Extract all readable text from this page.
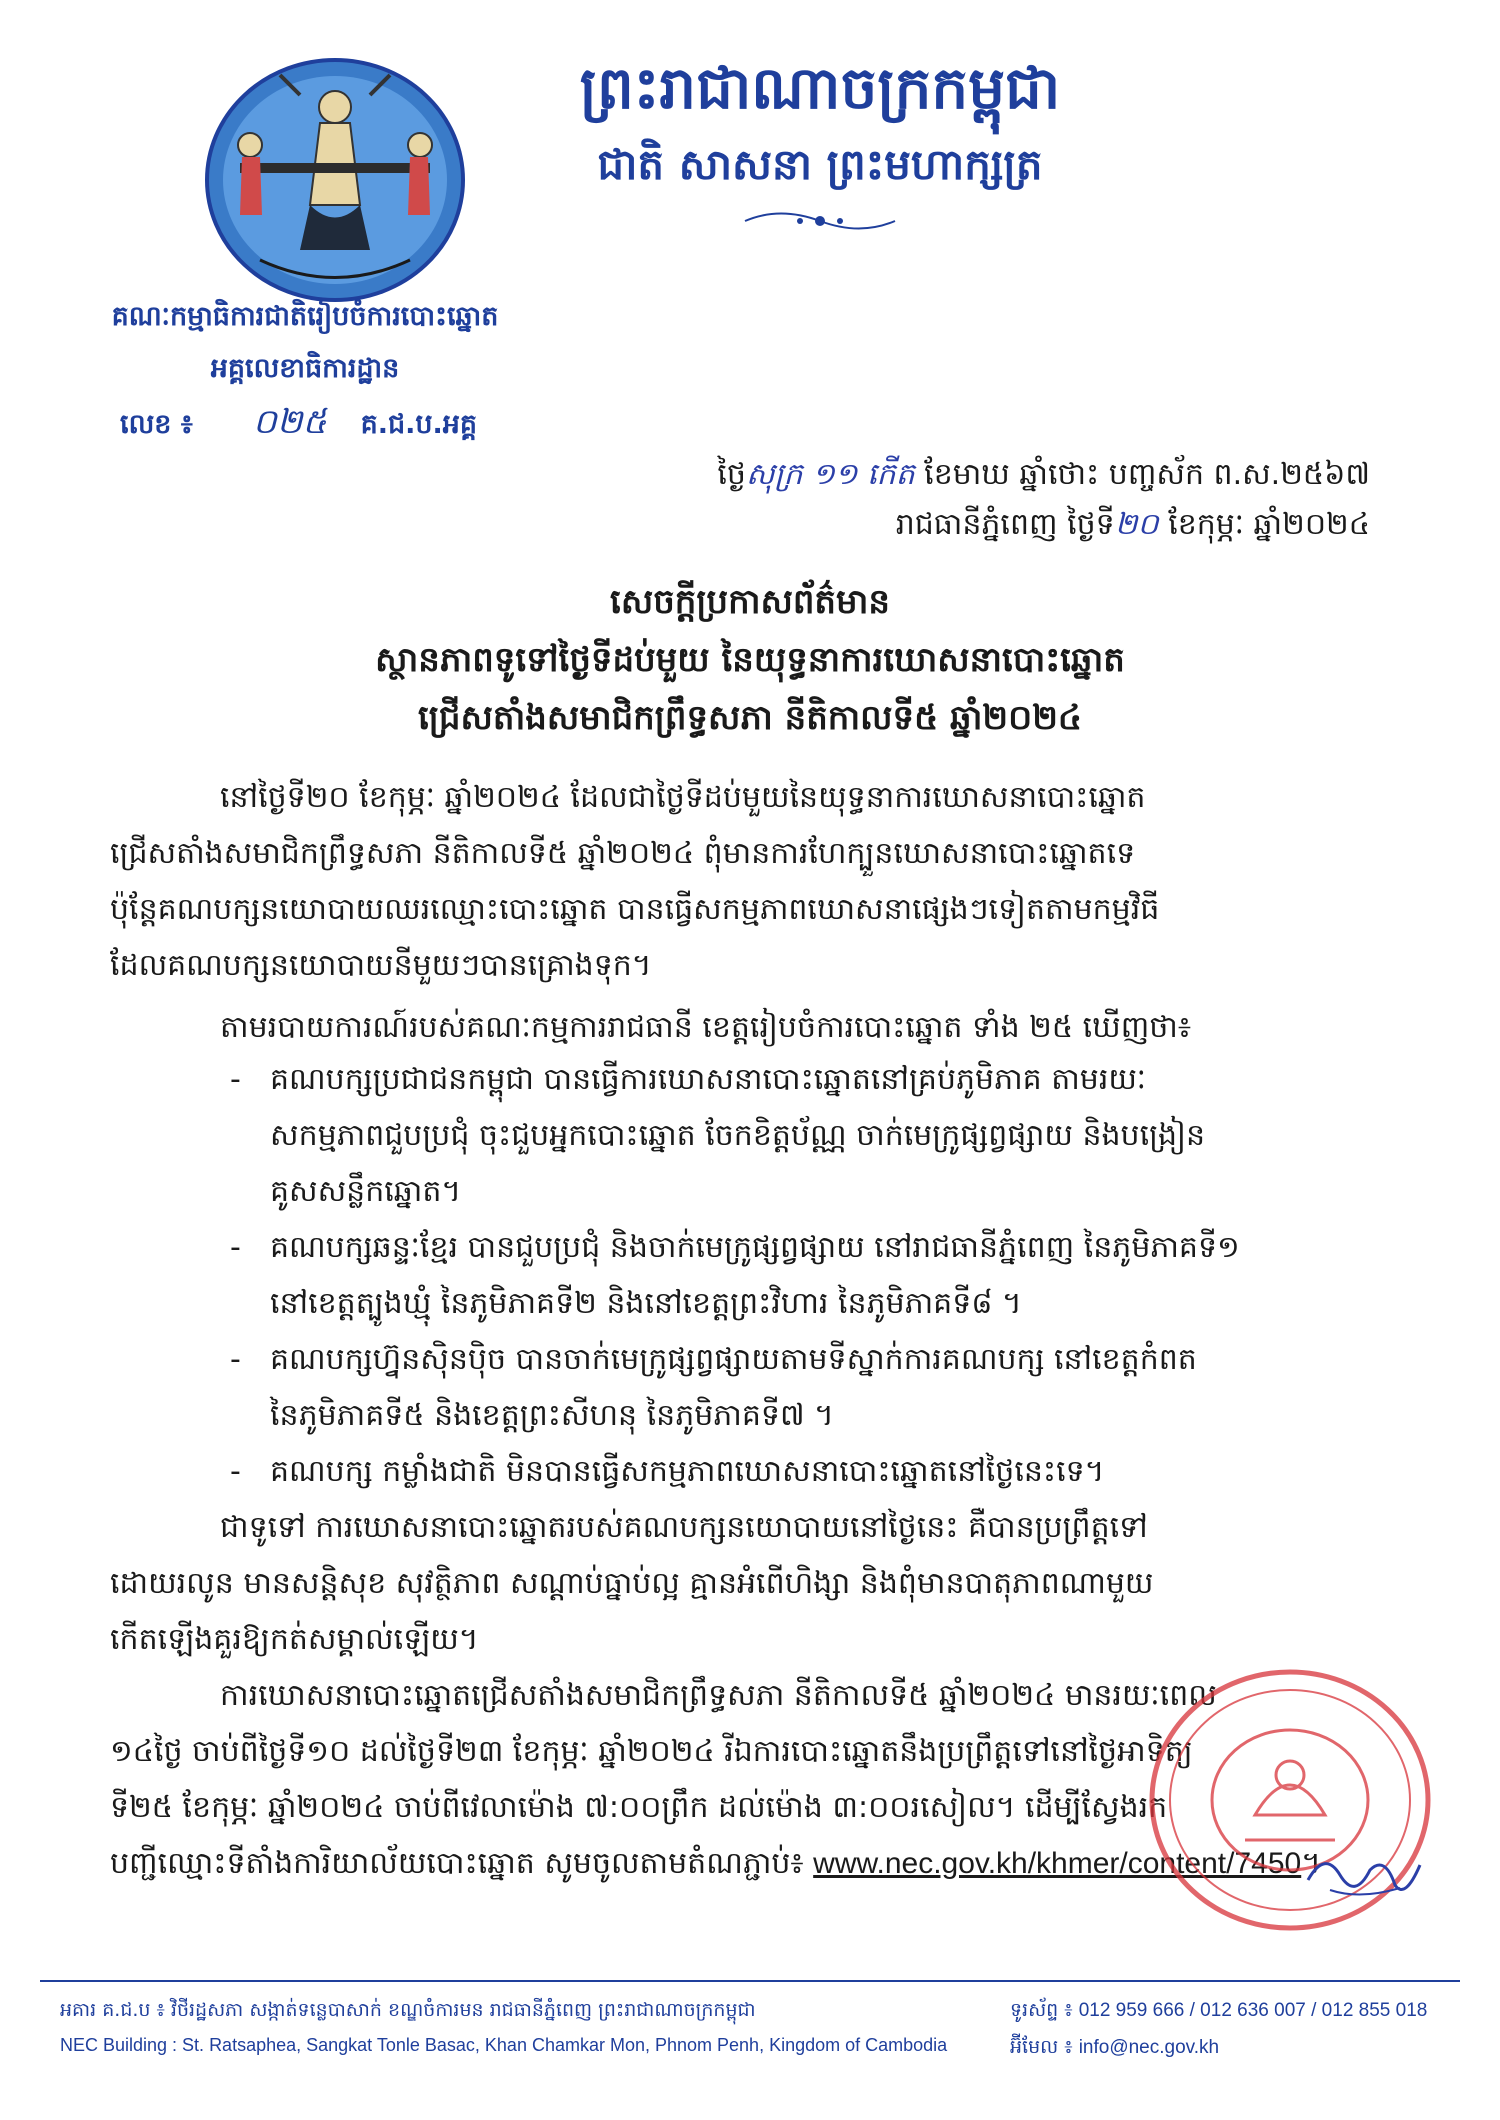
ព្រះរាជាណាចក្រកម្ពុជា
ជាតិ សាសនា ព្រះមហាក្សត្រ
គណៈកម្មាធិការជាតិរៀបចំការបោះឆ្នោត
អគ្គលេខាធិការដ្ឋាន
លេខ ៖ ០២៥ គ.ជ.ប.អគ្គ
ថ្ងៃសុក្រ ១១ កើត ខែមាឃ ឆ្នាំថោះ បញ្ចស័ក ព.ស.២៥៦៧
រាជធានីភ្នំពេញ ថ្ងៃទី២០ ខែកុម្ភៈ ឆ្នាំ២០២៤
សេចក្តីប្រកាសព័ត៌មាន
ស្ថានភាពទូទៅថ្ងៃទីដប់មួយ នៃយុទ្ធនាការឃោសនាបោះឆ្នោត
ជ្រើសតាំងសមាជិកព្រឹទ្ធសភា នីតិកាលទី៥ ឆ្នាំ២០២៤
នៅថ្ងៃទី២០ ខែកុម្ភៈ ឆ្នាំ២០២៤ ដែលជាថ្ងៃទីដប់មួយនៃយុទ្ធនាការឃោសនាបោះឆ្នោត
ជ្រើសតាំងសមាជិកព្រឹទ្ធសភា នីតិកាលទី៥ ឆ្នាំ២០២៤ ពុំមានការហែក្បួនឃោសនាបោះឆ្នោតទេ
ប៉ុន្តែគណបក្សនយោបាយឈរឈ្មោះបោះឆ្នោត បានធ្វើសកម្មភាពឃោសនាផ្សេងៗទៀតតាមកម្មវិធី
ដែលគណបក្សនយោបាយនីមួយៗបានគ្រោងទុក។
តាមរបាយការណ៍របស់គណៈកម្មការរាជធានី ខេត្តរៀបចំការបោះឆ្នោត ទាំង ២៥ ឃើញថា៖
- គណបក្សប្រជាជនកម្ពុជា បានធ្វើការឃោសនាបោះឆ្នោតនៅគ្រប់ភូមិភាគ តាមរយៈ
សកម្មភាពជួបប្រជុំ ចុះជួបអ្នកបោះឆ្នោត ចែកខិត្តប័ណ្ណ ចាក់មេក្រូផ្សព្វផ្សាយ និងបង្រៀន
គូសសន្លឹកឆ្នោត។
- គណបក្សឆន្ទៈខ្មែរ បានជួបប្រជុំ និងចាក់មេក្រូផ្សព្វផ្សាយ នៅរាជធានីភ្នំពេញ នៃភូមិភាគទី១
នៅខេត្តត្បូងឃ្មុំ នៃភូមិភាគទី២ និងនៅខេត្តព្រះវិហារ នៃភូមិភាគទី៨ ។
- គណបក្សហ្វ៊ុនស៊ិនប៉ិច បានចាក់មេក្រូផ្សព្វផ្សាយតាមទីស្នាក់ការគណបក្ស នៅខេត្តកំពត
នៃភូមិភាគទី៥ និងខេត្តព្រះសីហនុ នៃភូមិភាគទី៧ ។
- គណបក្ស កម្លាំងជាតិ មិនបានធ្វើសកម្មភាពឃោសនាបោះឆ្នោតនៅថ្ងៃនេះទេ។
ជាទូទៅ ការឃោសនាបោះឆ្នោតរបស់គណបក្សនយោបាយនៅថ្ងៃនេះ គឺបានប្រព្រឹត្តទៅ
ដោយរលូន មានសន្តិសុខ សុវត្ថិភាព សណ្តាប់ធ្នាប់ល្អ គ្មានអំពើហិង្សា និងពុំមានបាតុភាពណាមួយ
កើតឡើងគួរឱ្យកត់សម្គាល់ឡើយ។
ការឃោសនាបោះឆ្នោតជ្រើសតាំងសមាជិកព្រឹទ្ធសភា នីតិកាលទី៥ ឆ្នាំ២០២៤ មានរយៈពេល
១៤ថ្ងៃ ចាប់ពីថ្ងៃទី១០ ដល់ថ្ងៃទី២៣ ខែកុម្ភៈ ឆ្នាំ២០២៤ រីឯការបោះឆ្នោតនឹងប្រព្រឹត្តទៅនៅថ្ងៃអាទិត្យ
ទី២៥ ខែកុម្ភៈ ឆ្នាំ២០២៤ ចាប់ពីវេលាម៉ោង ៧:០០ព្រឹក ដល់ម៉ោង ៣:០០រសៀល។ ដើម្បីស្វែងរក
បញ្ជីឈ្មោះទីតាំងការិយាល័យបោះឆ្នោត សូមចូលតាមតំណភ្ជាប់៖ www.nec.gov.kh/khmer/content/7450។
អគារ គ.ជ.ប ៖ វិថីរដ្ឋសភា សង្កាត់ទន្លេបាសាក់ ខណ្ឌចំការមន រាជធានីភ្នំពេញ ព្រះរាជាណាចក្រកម្ពុជា
NEC Building : St. Ratsaphea, Sangkat Tonle Basac, Khan Chamkar Mon, Phnom Penh, Kingdom of Cambodia
ទូរស័ព្ទ ៖ 012 959 666 / 012 636 007 / 012 855 018
អ៊ីមែល ៖ info@nec.gov.kh
